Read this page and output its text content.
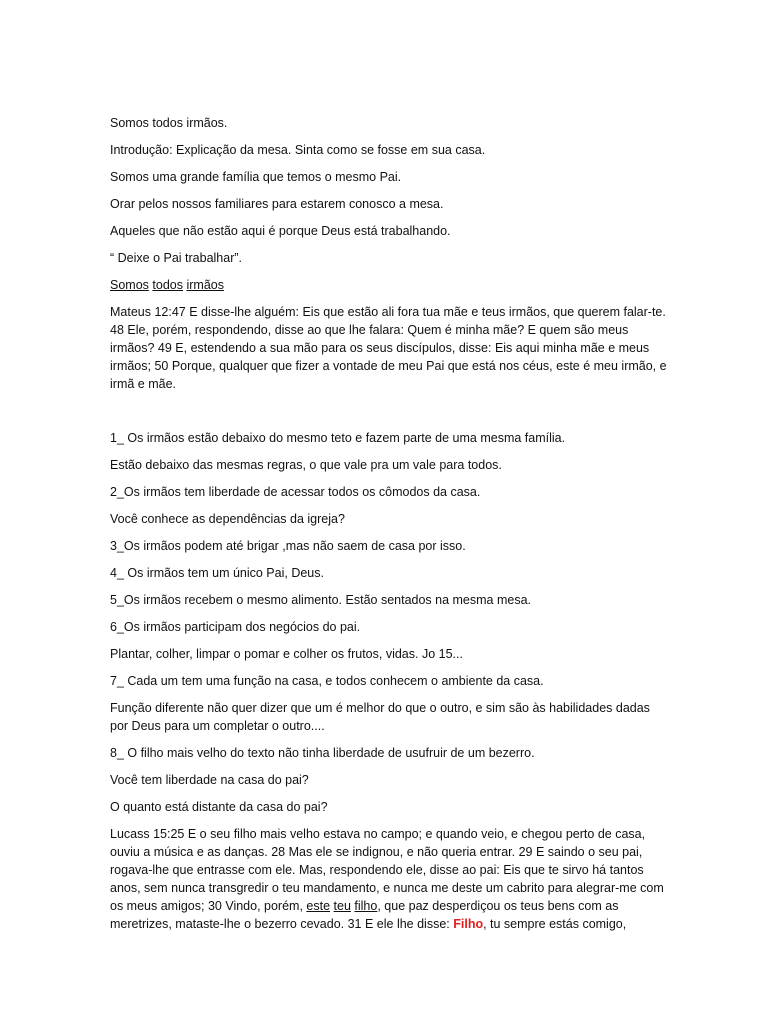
Somos todos irmãos.

Introdução: Explicação da mesa. Sinta como se fosse em sua casa.

Somos uma grande família que temos o mesmo Pai.

Orar pelos nossos familiares para estarem conosco a mesa.

Aqueles que não estão aqui é porque Deus está trabalhando.

“ Deixe o Pai trabalhar”.

Somos todos irmãos

Mateus 12:47 E disse-lhe alguém: Eis que estão ali fora tua mãe e teus irmãos, que querem falar-te. 48 Ele, porém, respondendo, disse ao que lhe falara: Quem é minha mãe? E quem são meus irmãos? 49 E, estendendo a sua mão para os seus discípulos, disse: Eis aqui minha mãe e meus irmãos; 50 Porque, qualquer que fizer a vontade de meu Pai que está nos céus, este é meu irmão, e irmã e mãe.

1_ Os irmãos estão debaixo do mesmo teto e fazem parte de uma mesma família.

Estão debaixo das mesmas regras, o que vale pra um vale para todos.

2_Os irmãos tem liberdade de acessar todos os cômodos da casa.

Você conhece as dependências da igreja?

3_Os irmãos podem até brigar ,mas não saem de casa por isso.

4_ Os irmãos tem um único Pai, Deus.

5_Os irmãos recebem o mesmo alimento. Estão sentados na mesma mesa.

6_Os irmãos participam dos negócios do pai.

Plantar, colher, limpar o pomar e colher os frutos, vidas. Jo 15...

7_ Cada um tem uma função na casa, e todos conhecem o ambiente da casa.

Função diferente não quer dizer que um é melhor do que o outro, e sim são às habilidades dadas por Deus para um completar o outro....

8_ O filho mais velho do texto não tinha liberdade de usufruir de um bezerro.

Você tem liberdade na casa do pai?

O quanto está distante da casa do pai?

Lucass 15:25 E o seu filho mais velho estava no campo; e quando veio, e chegou perto de casa, ouviu a música e as danças. 28 Mas ele se indignou, e não queria entrar. 29 E saindo o seu pai, rogava-lhe que entrasse com ele. Mas, respondendo ele, disse ao pai: Eis que te sirvo há tantos anos, sem nunca transgredir o teu mandamento, e nunca me deste um cabrito para alegrar-me com os meus amigos; 30 Vindo, porém, este teu filho, que paz desperdiçou os teus bens com as meretrizes, mataste-lhe o bezerro cevado. 31 E ele lhe disse: Filho, tu sempre estás comigo,
